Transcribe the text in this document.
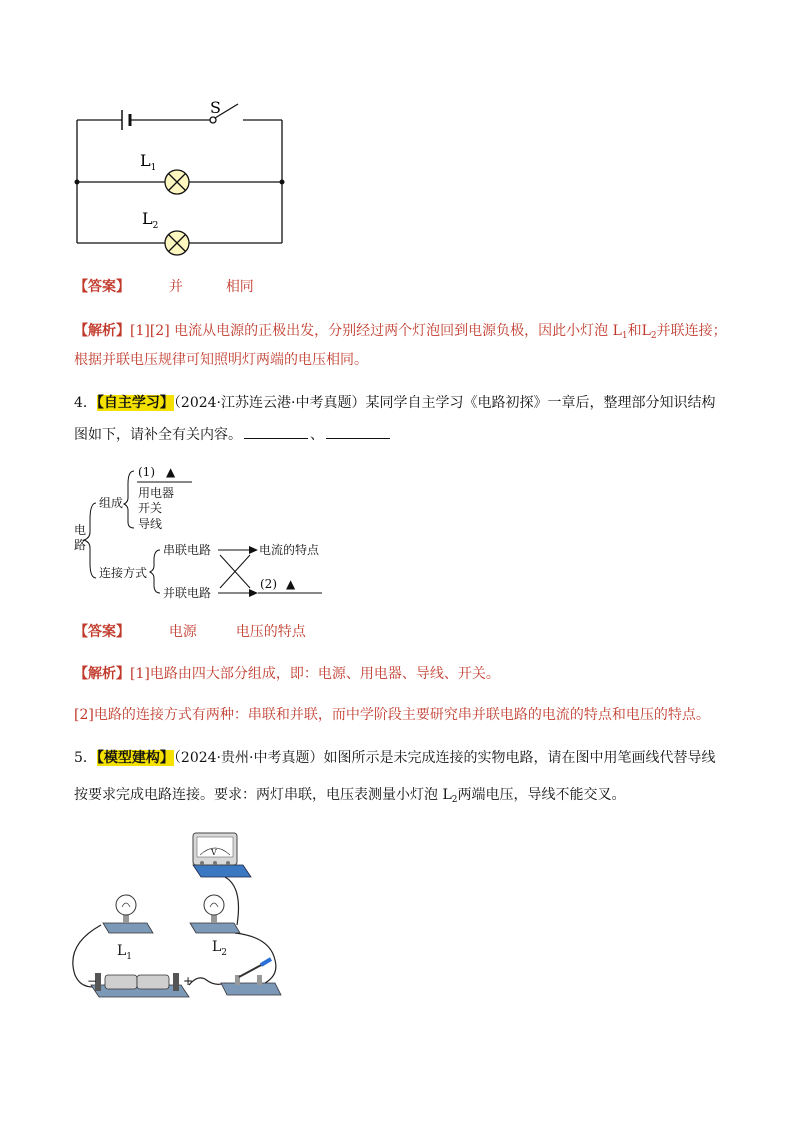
S
$L_1$
$L_2$
【答案】	并	相同
【解析】[1][2] 电流从电源的正极出发，分别经过两个灯泡回到电源负极，因此小灯泡 $L_1$和$L_2$并联连接；
根据并联电压规律可知照明灯两端的电压相同。
4．【自主学习】（2024·江苏连云港·中考真题）某同学自主学习《电路初探》一章后，整理部分知识结构
图如下，请补全有关内容。	、
电路
组成
(1) ▲
用电器
开关
导线
连接方式
串联电路
并联电路
电流的特点
(2) ▲
【答案】	电源	电压的特点
【解析】[1]电路由四大部分组成，即：电源、用电器、导线、开关。
[2]电路的连接方式有两种：串联和并联，而中学阶段主要研究串并联电路的电流的特点和电压的特点。
5．【模型建构】（2024·贵州·中考真题）如图所示是未完成连接的实物电路，请在图中用笔画线代替导线
按要求完成电路连接。要求：两灯串联，电压表测量小灯泡 $L_2$两端电压，导线不能交叉。
V
$L_1$
$L_2$
−	+
